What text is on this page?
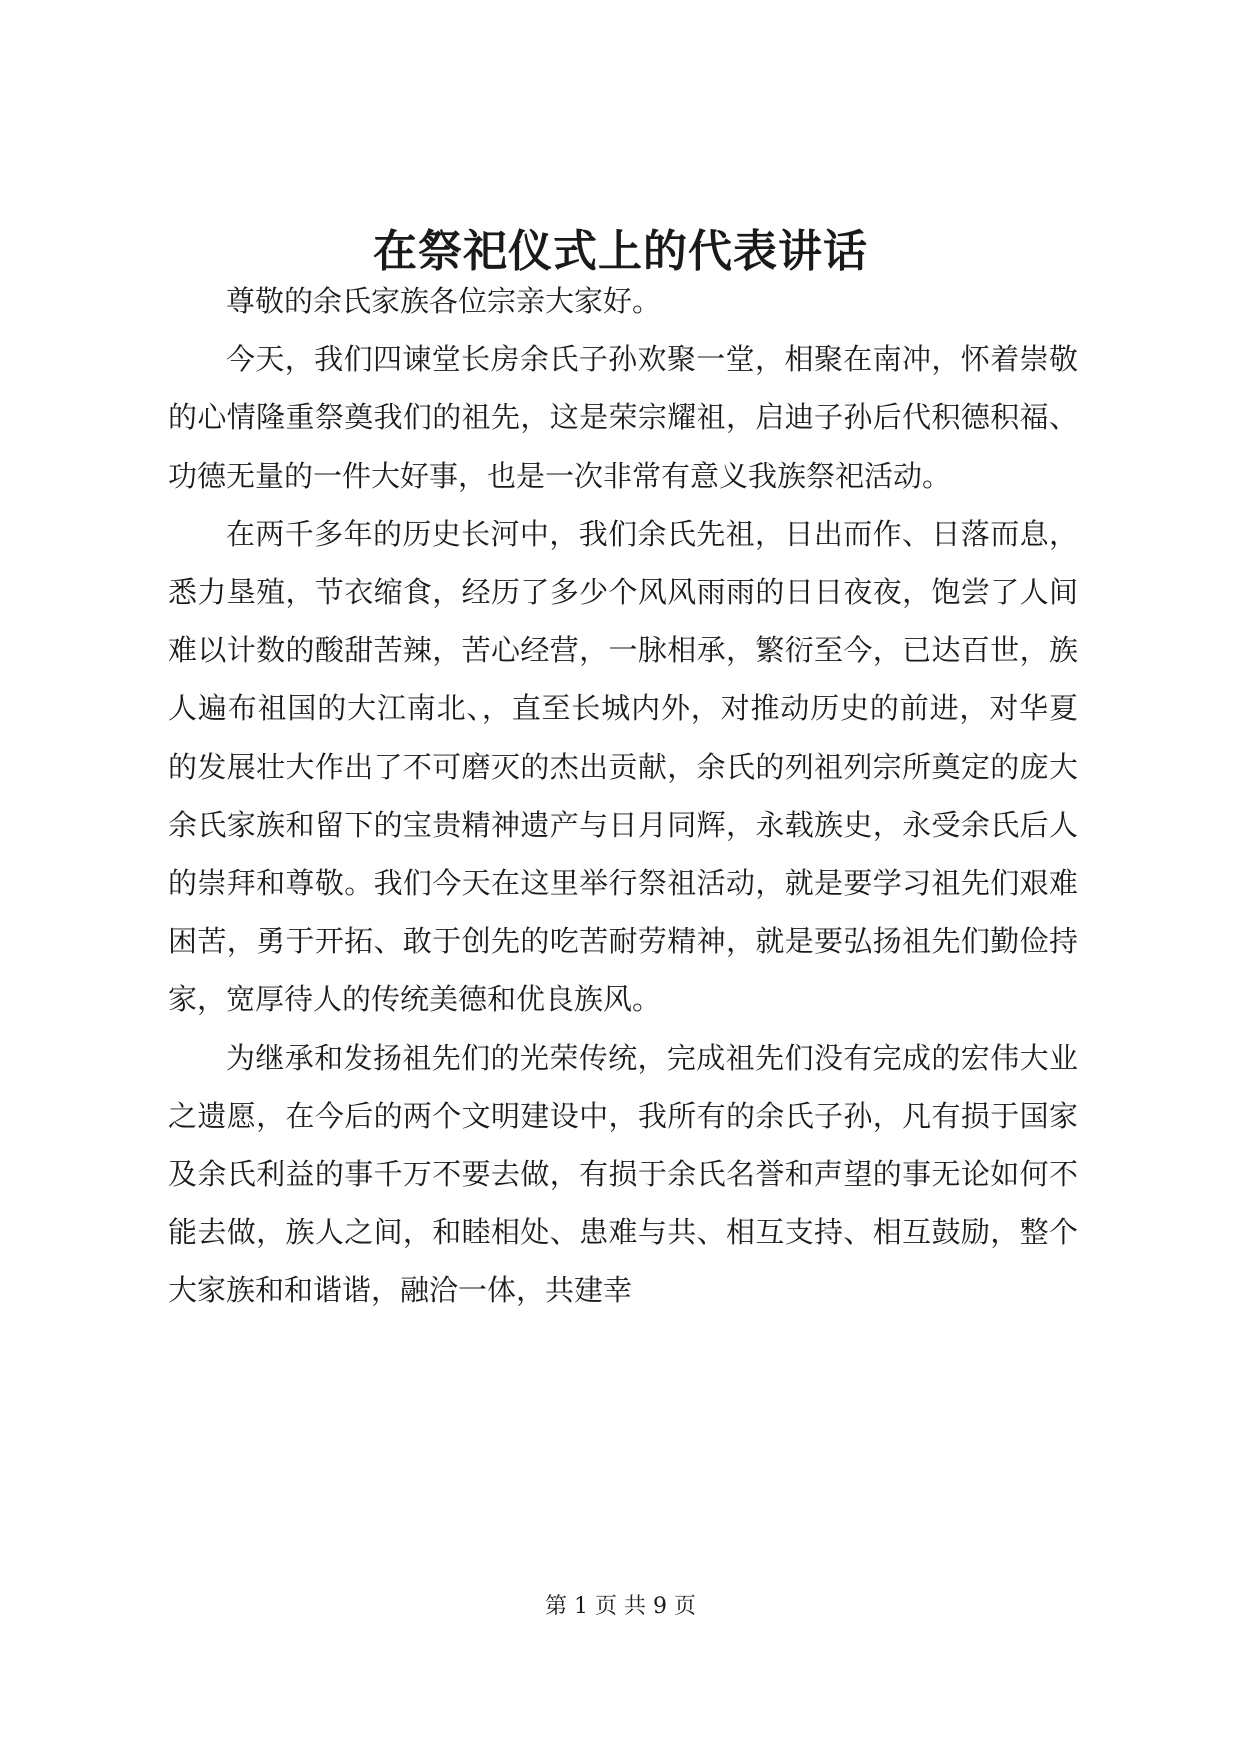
在祭祀仪式上的代表讲话

尊敬的余氏家族各位宗亲大家好。

今天，我们四谏堂长房余氏子孙欢聚一堂，相聚在南冲，怀着崇敬的心情隆重祭奠我们的祖先，这是荣宗耀祖，启迪子孙后代积德积福、功德无量的一件大好事，也是一次非常有意义我族祭祀活动。

在两千多年的历史长河中，我们余氏先祖，日出而作、日落而息，悉力垦殖，节衣缩食，经历了多少个风风雨雨的日日夜夜，饱尝了人间难以计数的酸甜苦辣，苦心经营，一脉相承，繁衍至今，已达百世，族人遍布祖国的大江南北、，直至长城内外，对推动历史的前进，对华夏的发展壮大作出了不可磨灭的杰出贡献，余氏的列祖列宗所奠定的庞大余氏家族和留下的宝贵精神遗产与日月同辉，永载族史，永受余氏后人的崇拜和尊敬。我们今天在这里举行祭祖活动，就是要学习祖先们艰难困苦，勇于开拓、敢于创先的吃苦耐劳精神，就是要弘扬祖先们勤俭持家，宽厚待人的传统美德和优良族风。

为继承和发扬祖先们的光荣传统，完成祖先们没有完成的宏伟大业之遗愿，在今后的两个文明建设中，我所有的余氏子孙，凡有损于国家及余氏利益的事千万不要去做，有损于余氏名誉和声望的事无论如何不能去做，族人之间，和睦相处、患难与共、相互支持、相互鼓励，整个大家族和和谐谐，融洽一体，共建幸

第 1 页 共 9 页
